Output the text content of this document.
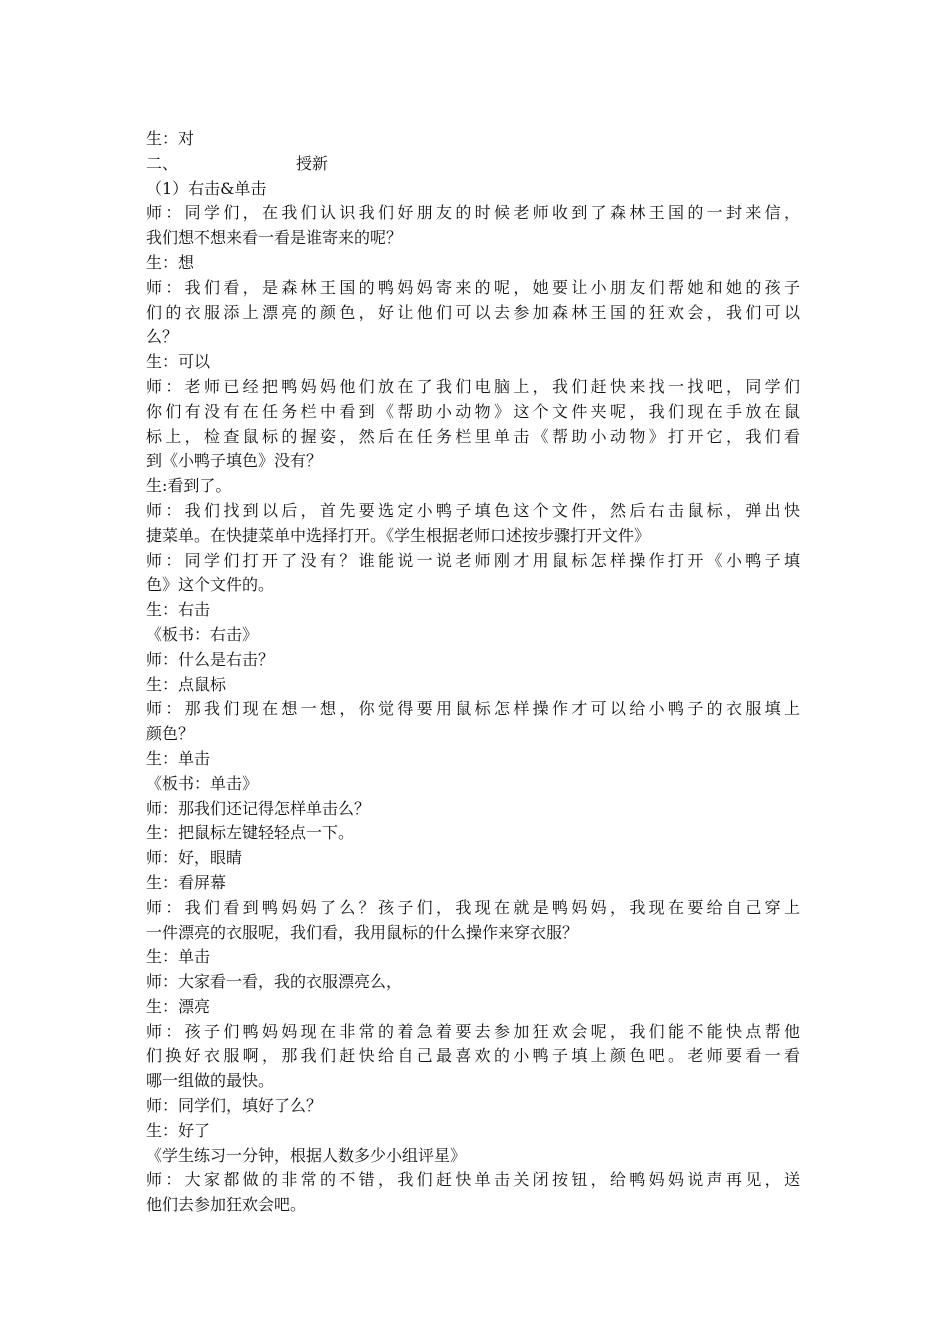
生：对
二、	授新
（1）右击&单击
师：同学们，在我们认识我们好朋友的时候老师收到了森林王国的一封来信，
我们想不想来看一看是谁寄来的呢？
生：想
师：我们看，是森林王国的鸭妈妈寄来的呢，她要让小朋友们帮她和她的孩子
们的衣服添上漂亮的颜色，好让他们可以去参加森林王国的狂欢会，我们可以
么？
生：可以
师：老师已经把鸭妈妈他们放在了我们电脑上，我们赶快来找一找吧，同学们
你们有没有在任务栏中看到《帮助小动物》这个文件夹呢，我们现在手放在鼠
标上，检查鼠标的握姿，然后在任务栏里单击《帮助小动物》打开它，我们看
到《小鸭子填色》没有？
生:看到了。
师：我们找到以后，首先要选定小鸭子填色这个文件，然后右击鼠标，弹出快
捷菜单。在快捷菜单中选择打开。《学生根据老师口述按步骤打开文件》
师：同学们打开了没有？谁能说一说老师刚才用鼠标怎样操作打开《小鸭子填
色》这个文件的。
生：右击
《板书：右击》
师：什么是右击？
生：点鼠标
师：那我们现在想一想，你觉得要用鼠标怎样操作才可以给小鸭子的衣服填上
颜色？
生：单击
《板书：单击》
师：那我们还记得怎样单击么？
生：把鼠标左键轻轻点一下。
师：好，眼睛
生：看屏幕
师：我们看到鸭妈妈了么？孩子们，我现在就是鸭妈妈，我现在要给自己穿上
一件漂亮的衣服呢，我们看，我用鼠标的什么操作来穿衣服？
生：单击
师：大家看一看，我的衣服漂亮么，
生：漂亮
师：孩子们鸭妈妈现在非常的着急着要去参加狂欢会呢，我们能不能快点帮他
们换好衣服啊，那我们赶快给自己最喜欢的小鸭子填上颜色吧。老师要看一看
哪一组做的最快。
师：同学们，填好了么？
生：好了
《学生练习一分钟，根据人数多少小组评星》
师：大家都做的非常的不错，我们赶快单击关闭按钮，给鸭妈妈说声再见，送
他们去参加狂欢会吧。
